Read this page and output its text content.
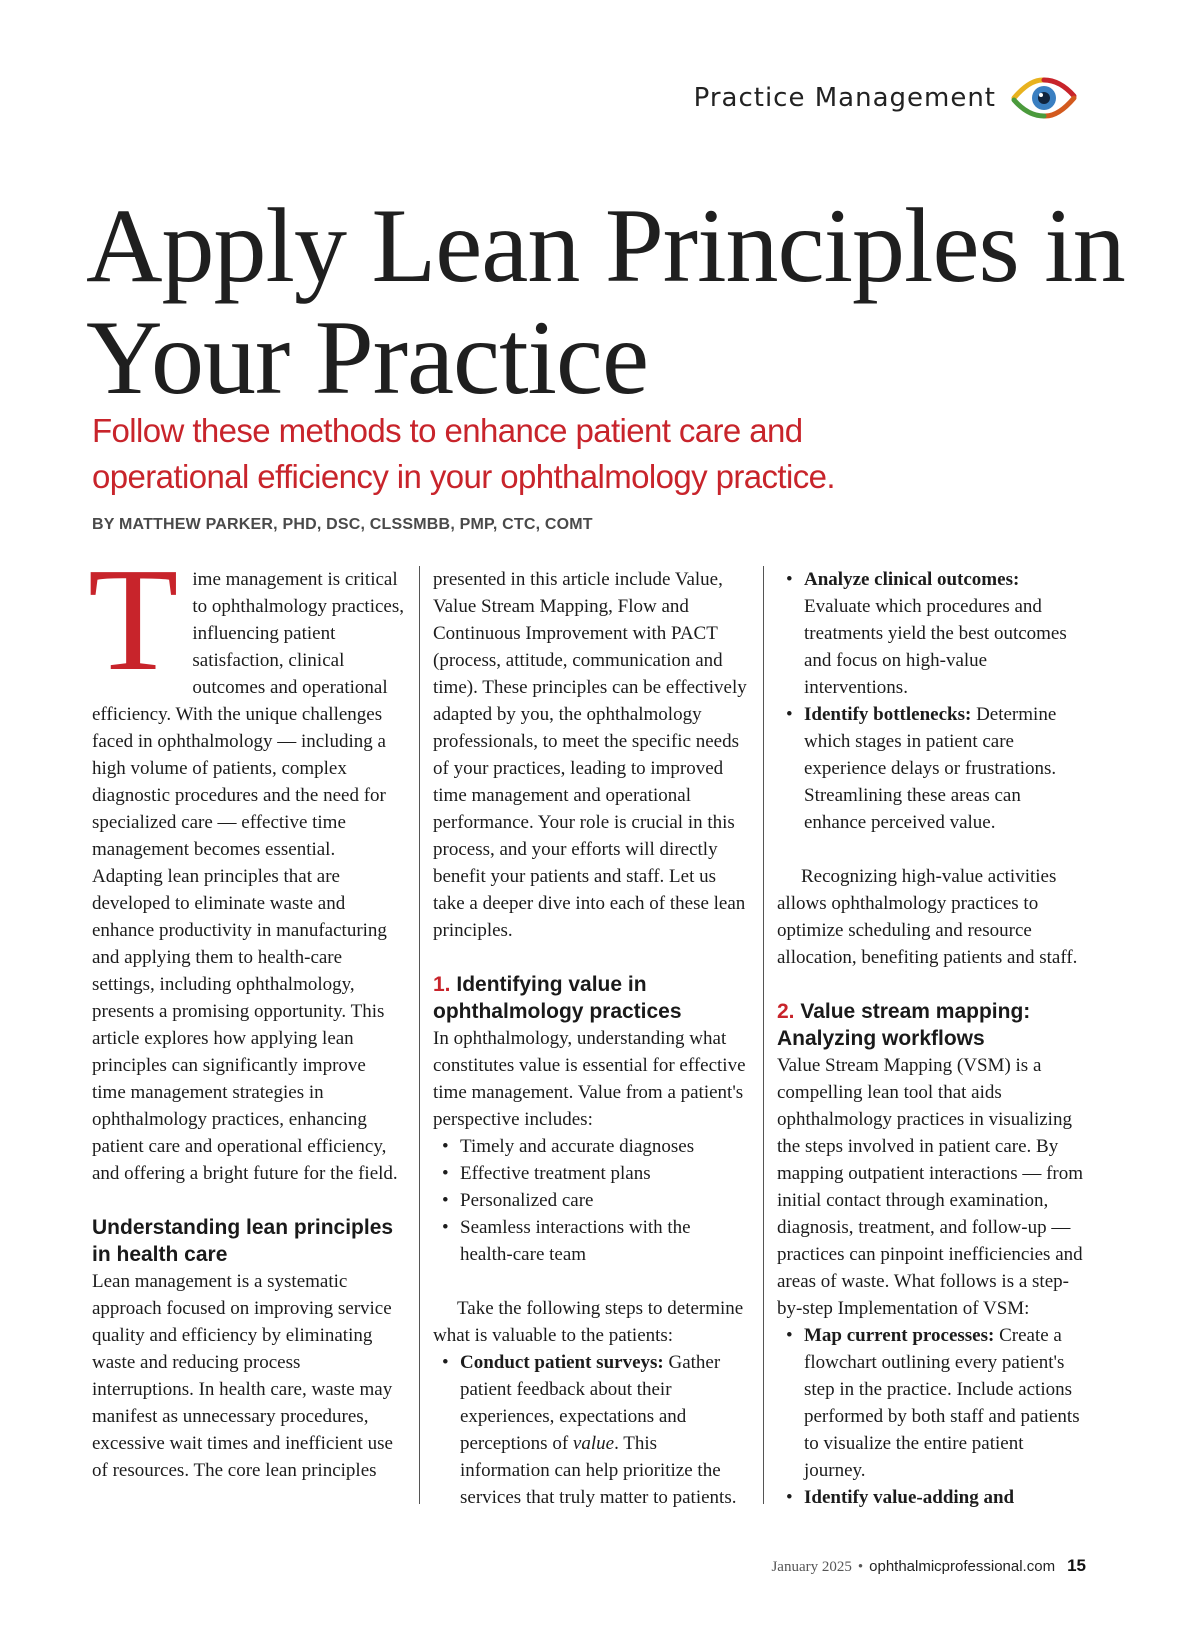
Practice Management
Apply Lean Principles in
Your Practice

Follow these methods to enhance patient care and operational efficiency in your ophthalmology practice.

BY MATTHEW PARKER, PHD, DSC, CLSSMBB, PMP, CTC, COMT

Time management is critical to ophthalmology practices, influencing patient satisfaction, clinical outcomes and operational efficiency. With the unique challenges faced in ophthalmology — including a high volume of patients, complex diagnostic procedures and the need for specialized care — effective time management becomes essential. Adapting lean principles that are developed to eliminate waste and enhance productivity in manufacturing and applying them to health-care settings, including ophthalmology, presents a promising opportunity. This article explores how applying lean principles can significantly improve time management strategies in ophthalmology practices, enhancing patient care and operational efficiency, and offering a bright future for the field.

Understanding lean principles in health care

Lean management is a systematic approach focused on improving service quality and efficiency by eliminating waste and reducing process interruptions. In health care, waste may manifest as unnecessary procedures, excessive wait times and inefficient use of resources. The core lean principles

presented in this article include Value, Value Stream Mapping, Flow and Continuous Improvement with PACT (process, attitude, communication and time). These principles can be effectively adapted by you, the ophthalmology professionals, to meet the specific needs of your practices, leading to improved time management and operational performance. Your role is crucial in this process, and your efforts will directly benefit your patients and staff. Let us take a deeper dive into each of these lean principles.

1. Identifying value in ophthalmology practices

In ophthalmology, understanding what constitutes value is essential for effective time management. Value from a patient's perspective includes:

• Timely and accurate diagnoses
• Effective treatment plans
• Personalized care
• Seamless interactions with the health-care team

Take the following steps to determine what is valuable to the patients:

• Conduct patient surveys: Gather patient feedback about their experiences, expectations and perceptions of value. This information can help prioritize the services that truly matter to patients.
• Analyze clinical outcomes: Evaluate which procedures and treatments yield the best outcomes and focus on high-value interventions.
• Identify bottlenecks: Determine which stages in patient care experience delays or frustrations. Streamlining these areas can enhance perceived value.

Recognizing high-value activities allows ophthalmology practices to optimize scheduling and resource allocation, benefiting patients and staff.

2. Value stream mapping: Analyzing workflows

Value Stream Mapping (VSM) is a compelling lean tool that aids ophthalmology practices in visualizing the steps involved in patient care. By mapping outpatient interactions — from initial contact through examination, diagnosis, treatment, and follow-up — practices can pinpoint inefficiencies and areas of waste. What follows is a step-by-step Implementation of VSM:

• Map current processes: Create a flowchart outlining every patient's step in the practice. Include actions performed by both staff and patients to visualize the entire patient journey.
• Identify value-adding and
January 2025 • ophthalmicprofessional.com 15
